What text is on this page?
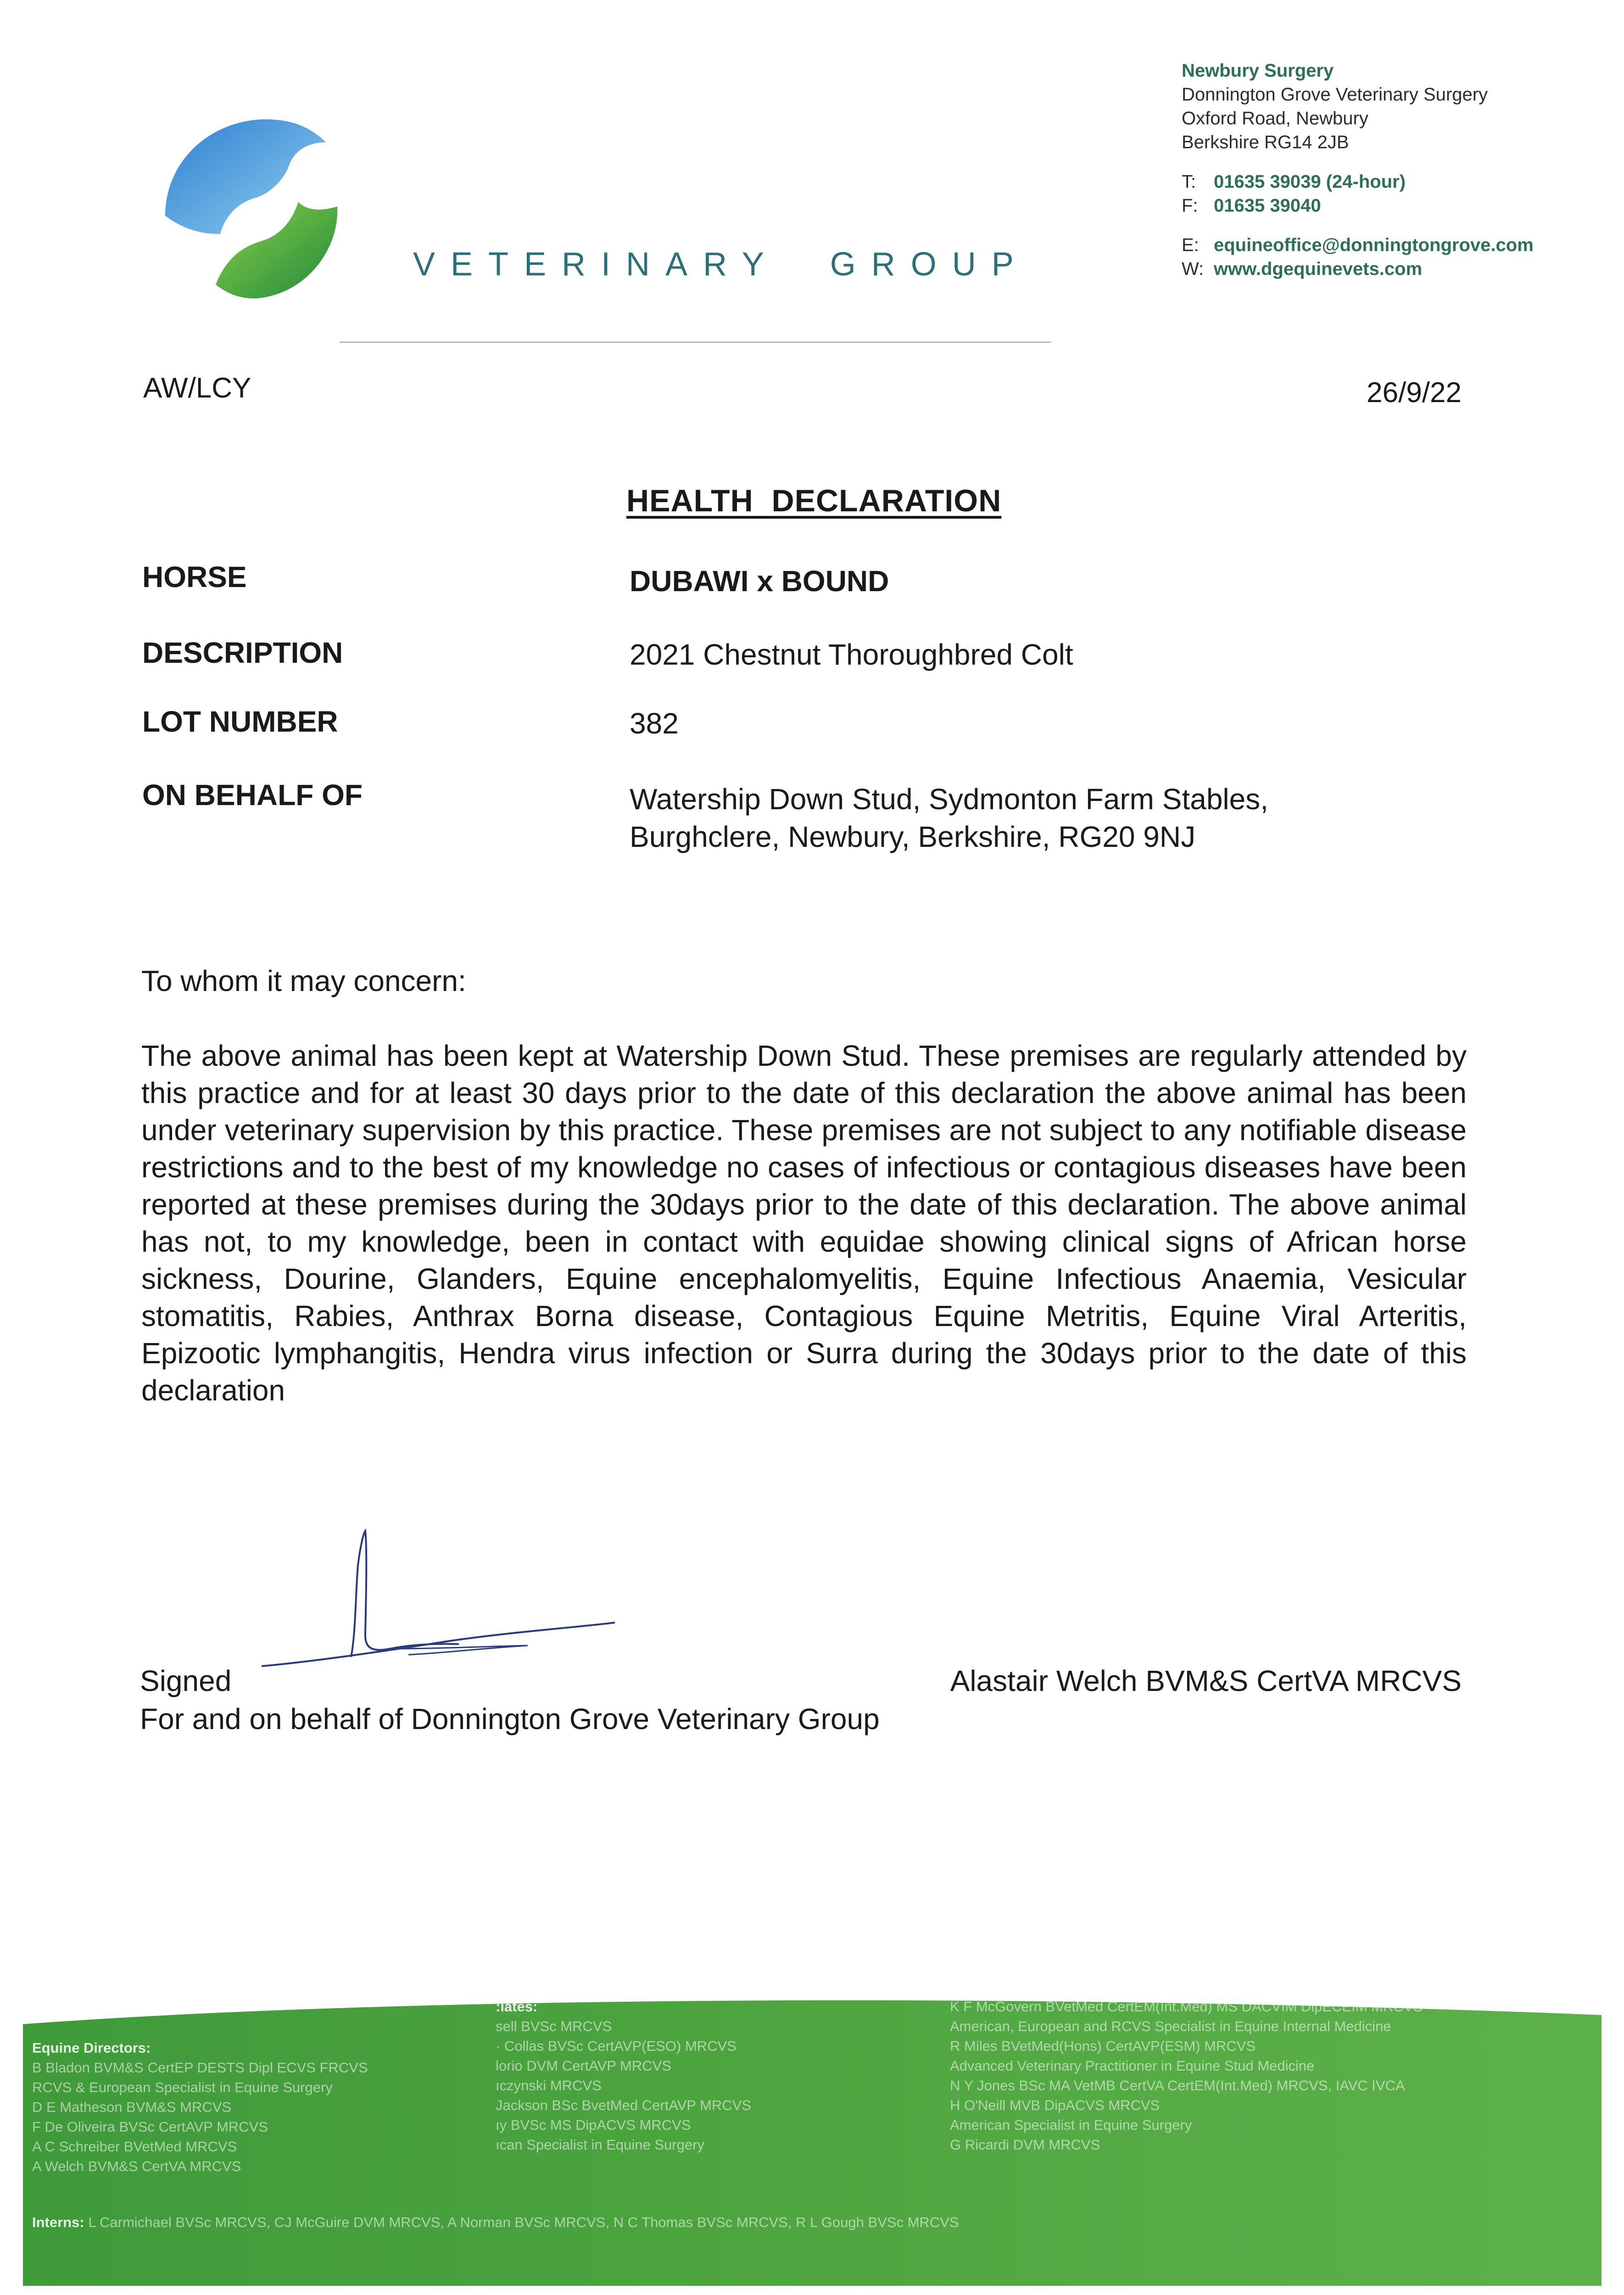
VETERINARY GROUP
Newbury Surgery
Donnington Grove Veterinary Surgery
Oxford Road, Newbury
Berkshire RG14 2JB
T: 01635 39039 (24-hour)
F: 01635 39040
E: equineoffice@donningtongrove.com
W: www.dgequinevets.com
AW/LCY	26/9/22
HEALTH  DECLARATION
HORSE	DUBAWI x BOUND
DESCRIPTION	2021 Chestnut Thoroughbred Colt
LOT NUMBER	382
ON BEHALF OF	Watership Down Stud, Sydmonton Farm Stables,
Burghclere, Newbury, Berkshire, RG20 9NJ
To whom it may concern:
The above animal has been kept at Watership Down Stud. These premises are regularly attended by this practice and for at least 30 days prior to the date of this declaration the above animal has been under veterinary supervision by this practice. These premises are not subject to any notifiable disease restrictions and to the best of my knowledge no cases of infectious or contagious diseases have been reported at these premises during the 30days prior to the date of this declaration. The above animal has not, to my knowledge, been in contact with equidae showing clinical signs of African horse sickness, Dourine, Glanders, Equine encephalomyelitis, Equine Infectious Anaemia, Vesicular stomatitis, Rabies, Anthrax Borna disease, Contagious Equine Metritis, Equine Viral Arteritis, Epizootic lymphangitis, Hendra virus infection or Surra during the 30days prior to the date of this declaration
Signed	Alastair Welch BVM&S CertVA MRCVS
For and on behalf of Donnington Grove Veterinary Group
Equine Directors:
B Bladon BVM&S CertEP DESTS Dipl ECVS FRCVS
RCVS & European Specialist in Equine Surgery
D E Matheson BVM&S MRCVS
F De Oliveira BVSc CertAVP MRCVS
A C Schreiber BVetMed MRCVS
A Welch BVM&S CertVA MRCVS
:iates:
sell BVSc MRCVS
· Collas BVSc CertAVP(ESO) MRCVS
lorio DVM CertAVP MRCVS
ıczynski MRCVS
Jackson BSc BvetMed CertAVP MRCVS
ıy BVSc MS DipACVS MRCVS
ıcan Specialist in Equine Surgery
K F McGovern BVetMed CertEM(Int.Med) MS DACVIM DipECEIM MRCVS
American, European and RCVS Specialist in Equine Internal Medicine
R Miles BVetMed(Hons) CertAVP(ESM) MRCVS
Advanced Veterinary Practitioner in Equine Stud Medicine
N Y Jones BSc MA VetMB CertVA CertEM(Int.Med) MRCVS, IAVC IVCA
H O'Neill MVB DipACVS MRCVS
American Specialist in Equine Surgery
G Ricardi DVM MRCVS
Interns: L Carmichael BVSc MRCVS, CJ McGuire DVM MRCVS, A Norman BVSc MRCVS, N C Thomas BVSc MRCVS, R L Gough BVSc MRCVS
